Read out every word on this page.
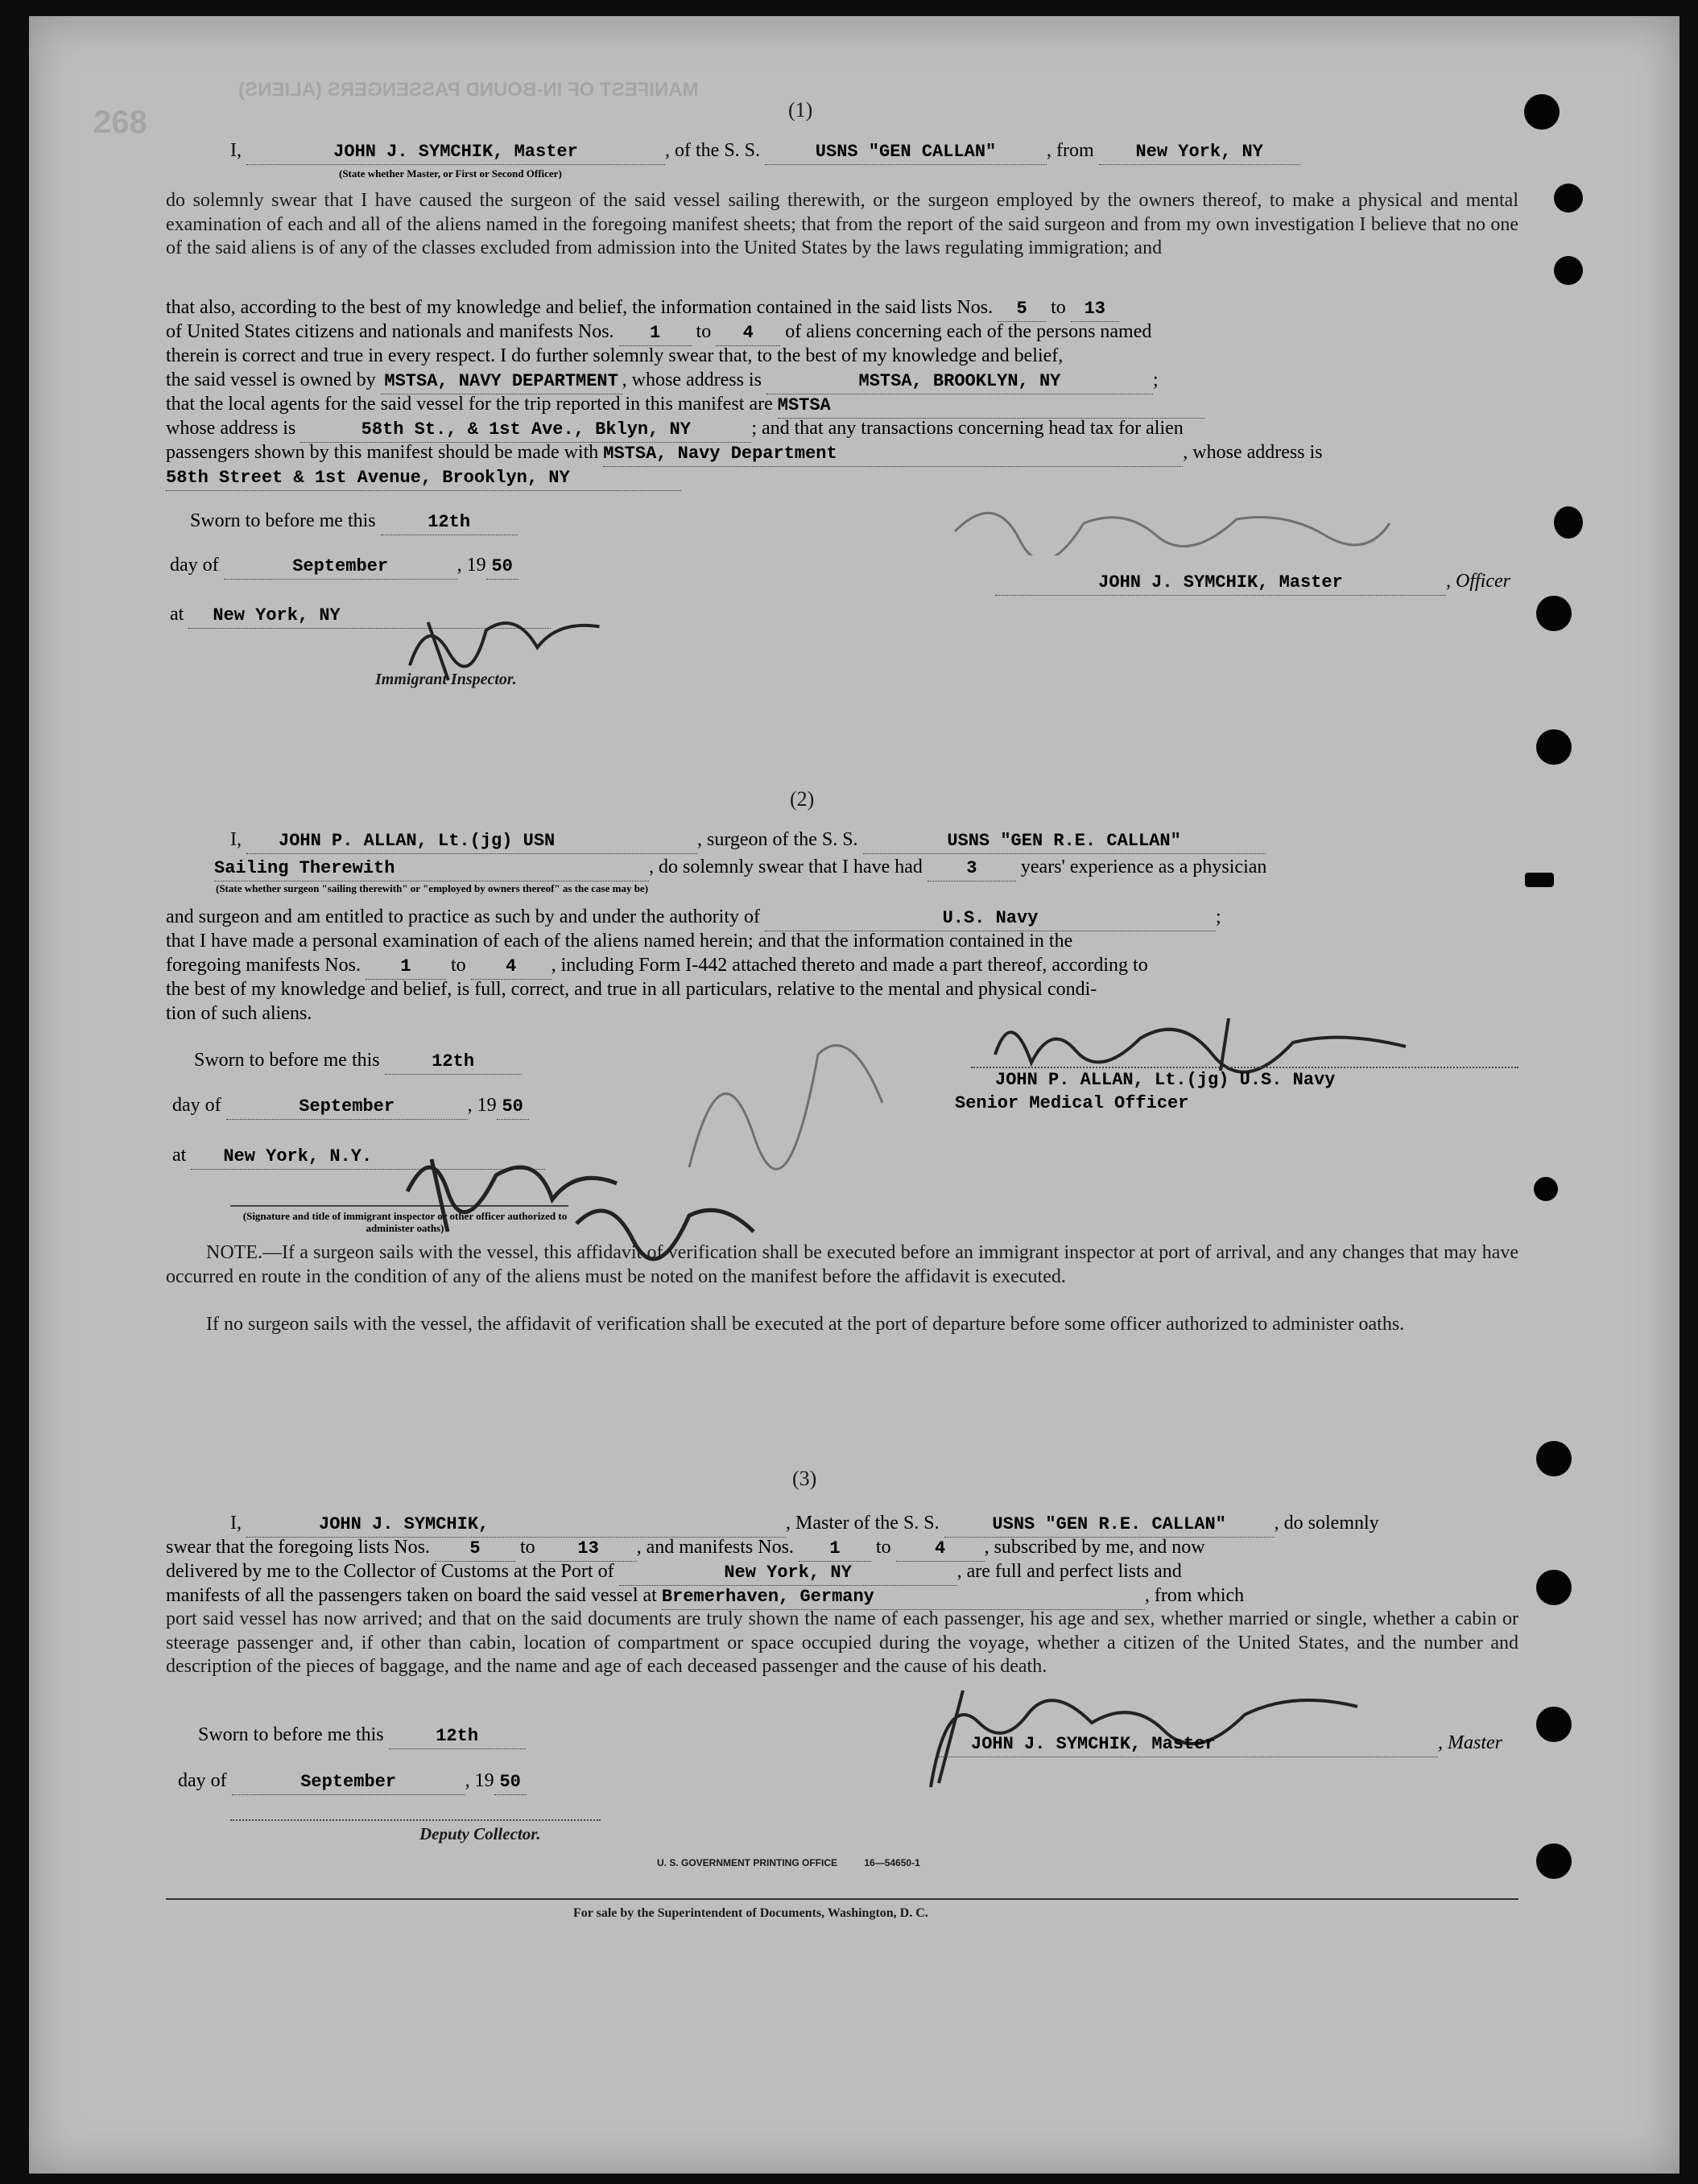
268
MANIFEST OF IN-BOUND PASSENGERS (ALIENS)
(1)
I,	JOHN J. SYMCHIK, Master	, of the S. S.	USNS "GEN CALLAN"	, from New York, NY
(State whether Master, or First or Second Officer)
do solemnly swear that I have caused the surgeon of the said vessel sailing therewith, or the surgeon employed by the owners thereof, to make a physical and mental examination of each and all of the aliens named in the foregoing manifest sheets; that from the report of the said surgeon and from my own investigation I believe that no one of the said aliens is of any of the classes excluded from admission into the United States by the laws regulating immigration; and
that also, according to the best of my knowledge and belief, the information contained in the said lists Nos. 5 to 13
of United States citizens and nationals and manifests Nos. 1 to 4 of aliens concerning each of the persons named
therein is correct and true in every respect. I do further solemnly swear that, to the best of my knowledge and belief,
the said vessel is owned by MSTSA, NAVY DEPARTMENT , whose address is	MSTSA, BROOKLYN, NY	;
that the local agents for the said vessel for the trip reported in this manifest are MSTSA
whose address is	58th St., & 1st Ave., Bklyn, NY	; and that any transactions concerning head tax for alien
passengers shown by this manifest should be made with MSTSA, Navy Department	, whose address is
58th Street & 1st Avenue, Brooklyn, NY
Sworn to before me this	12th
day of	September	, 19 50
at New York, NY
Immigrant Inspector.
JOHN J. SYMCHIK, Master	, Officer
(2)
I, JOHN P. ALLAN, Lt.(jg) USN	, surgeon of the S. S.	USNS "GEN R.E. CALLAN"
Sailing Therewith	, do solemnly swear that I have had 3 years' experience as a physician
(State whether surgeon "sailing therewith" or "employed by owners thereof" as the case may be)
and surgeon and am entitled to practice as such by and under the authority of	U.S. Navy	;
that I have made a personal examination of each of the aliens named herein; and that the information contained in the
foregoing manifests Nos. 1 to 4 , including Form I-442 attached thereto and made a part thereof, according to
the best of my knowledge and belief, is full, correct, and true in all particulars, relative to the mental and physical condi-
tion of such aliens.
Sworn to before me this	12th
day of	September	, 19 50
at New York, N.Y.
(Signature and title of immigrant inspector or other officer authorized to administer oaths)
JOHN P. ALLAN, Lt.(jg) U.S. Navy
Senior Medical Officer
NOTE.—If a surgeon sails with the vessel, this affidavit of verification shall be executed before an immigrant inspector at port of arrival, and any changes that may have occurred en route in the condition of any of the aliens must be noted on the manifest before the affidavit is executed.
If no surgeon sails with the vessel, the affidavit of verification shall be executed at the port of departure before some officer authorized to administer oaths.
(3)
I,	JOHN J. SYMCHIK,	, Master of the S. S.	USNS "GEN R.E. CALLAN" , do solemnly
swear that the foregoing lists Nos. 5 to 13 , and manifests Nos. 1 to 4 , subscribed by me, and now
delivered by me to the Collector of Customs at the Port of	New York, NY	, are full and perfect lists and
manifests of all the passengers taken on board the said vessel at Bremerhaven, Germany	, from which
port said vessel has now arrived; and that on the said documents are truly shown the name of each passenger, his age and sex, whether married or single, whether a cabin or steerage passenger and, if other than cabin, location of compartment or space occupied during the voyage, whether a citizen of the United States, and the number and description of the pieces of baggage, and the name and age of each deceased passenger and the cause of his death.
Sworn to before me this	12th
day of	September	, 19 50
JOHN J. SYMCHIK, Master	, Master
Deputy Collector.
U. S. GOVERNMENT PRINTING OFFICE          16—54650-1
For sale by the Superintendent of Documents, Washington, D. C.
